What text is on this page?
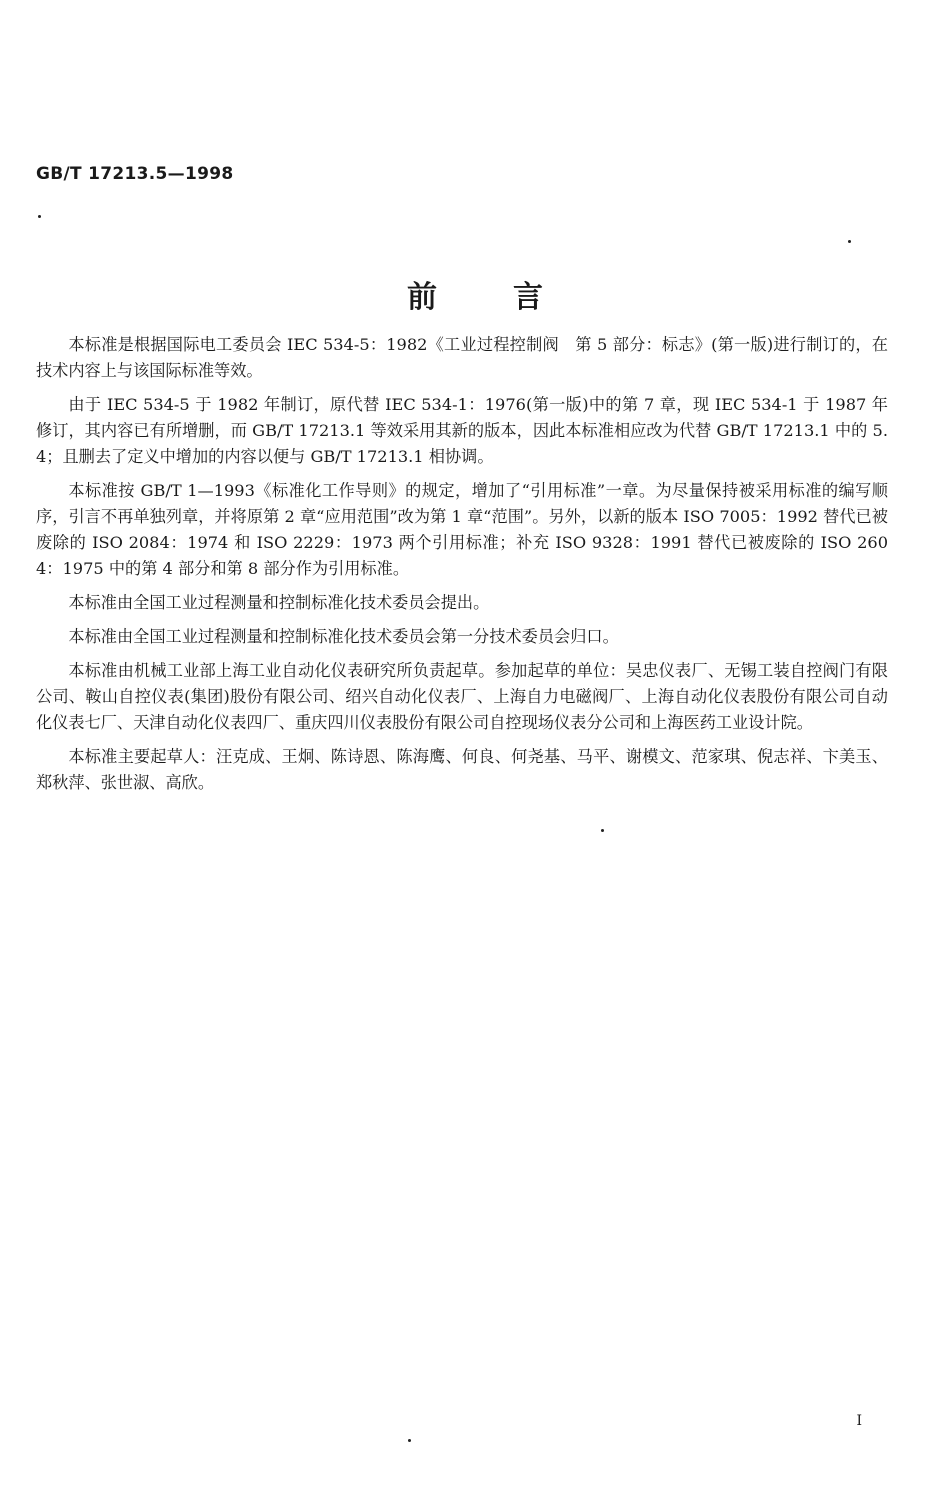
GB/T 17213.5—1998
前言

本标准是根据国际电工委员会 IEC 534-5：1982《工业过程控制阀　第 5 部分：标志》(第一版)进行制订的，在技术内容上与该国际标准等效。

由于 IEC 534-5 于 1982 年制订，原代替 IEC 534-1：1976(第一版)中的第 7 章，现 IEC 534-1 于 1987 年修订，其内容已有所增删，而 GB/T 17213.1 等效采用其新的版本，因此本标准相应改为代替 GB/T 17213.1 中的 5.4；且删去了定义中增加的内容以便与 GB/T 17213.1 相协调。

本标准按 GB/T 1—1993《标准化工作导则》的规定，增加了“引用标准”一章。为尽量保持被采用标准的编写顺序，引言不再单独列章，并将原第 2 章“应用范围”改为第 1 章“范围”。另外，以新的版本 ISO 7005：1992 替代已被废除的 ISO 2084：1974 和 ISO 2229：1973 两个引用标准；补充 ISO 9328：1991 替代已被废除的 ISO 2604：1975 中的第 4 部分和第 8 部分作为引用标准。

本标准由全国工业过程测量和控制标准化技术委员会提出。

本标准由全国工业过程测量和控制标准化技术委员会第一分技术委员会归口。

本标准由机械工业部上海工业自动化仪表研究所负责起草。参加起草的单位：吴忠仪表厂、无锡工装自控阀门有限公司、鞍山自控仪表(集团)股份有限公司、绍兴自动化仪表厂、上海自力电磁阀厂、上海自动化仪表股份有限公司自动化仪表七厂、天津自动化仪表四厂、重庆四川仪表股份有限公司自控现场仪表分公司和上海医药工业设计院。

本标准主要起草人：汪克成、王炯、陈诗恩、陈海鹰、何良、何尧基、马平、谢模文、范家琪、倪志祥、卞美玉、郑秋萍、张世淑、高欣。

I
